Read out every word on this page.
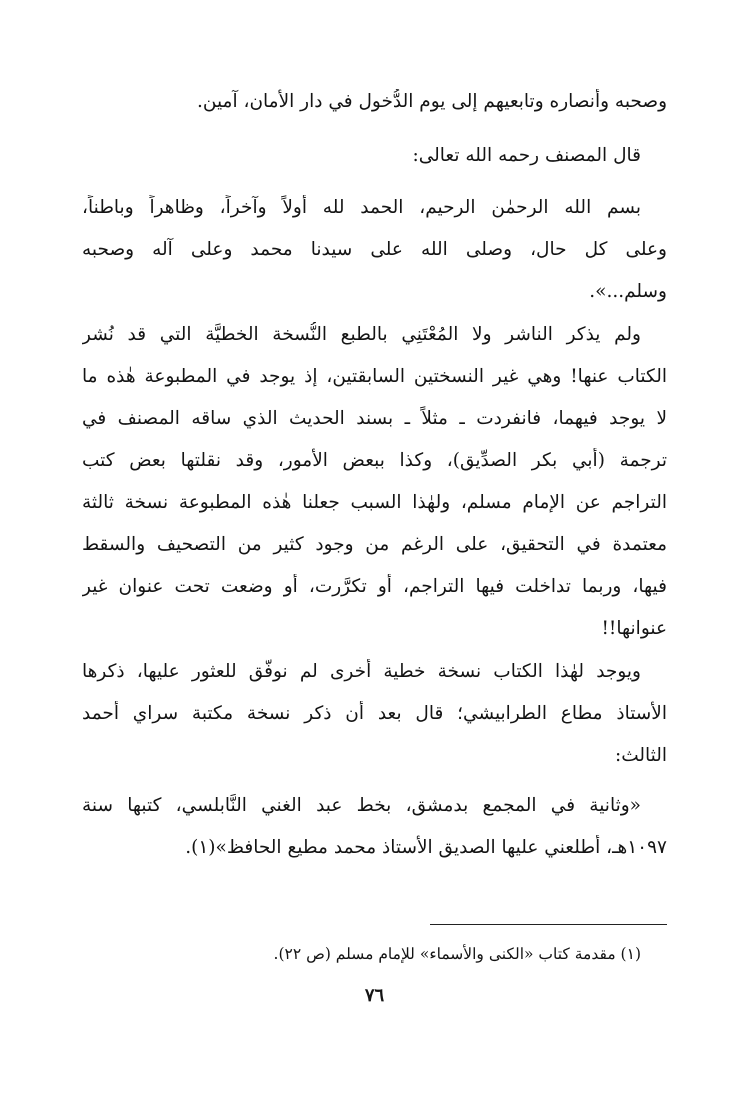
وصحبه وأنصاره وتابعيهم إلى يوم الدُّخول في دار الأمان، آمين.
قال المصنف رحمه الله تعالى:
بسم الله الرحمٰن الرحيم، الحمد لله أولاً وآخراً، وظاهراً وباطناً،
وعلى كل حال، وصلى الله على سيدنا محمد وعلى آله وصحبه
وسلم...».
ولم يذكر الناشر ولا المُعْتَنِي بالطبع النُّسخة الخطيَّة التي قد نُشر
الكتاب عنها! وهي غير النسختين السابقتين، إذ يوجد في المطبوعة هٰذه ما
لا يوجد فيهما، فانفردت ـ مثلاً ـ بسند الحديث الذي ساقه المصنف في
ترجمة (أبي بكر الصدِّيق)، وكذا ببعض الأمور، وقد نقلتها بعض كتب
التراجم عن الإمام مسلم، ولهٰذا السبب جعلنا هٰذه المطبوعة نسخة ثالثة
معتمدة في التحقيق، على الرغم من وجود كثير من التصحيف والسقط
فيها، وربما تداخلت فيها التراجم، أو تكرَّرت، أو وضعت تحت عنوان غير
عنوانها!!
ويوجد لهٰذا الكتاب نسخة خطية أخرى لم نوفَّق للعثور عليها، ذكرها
الأستاذ مطاع الطرابيشي؛ قال بعد أن ذكر نسخة مكتبة سراي أحمد
الثالث:
«وثانية في المجمع بدمشق، بخط عبد الغني النَّابلسي، كتبها سنة
١٠٩٧هـ، أطلعني عليها الصديق الأستاذ محمد مطيع الحافظ»(١).
(١) مقدمة كتاب «الكنى والأسماء» للإمام مسلم (ص ٢٢).
٧٦
